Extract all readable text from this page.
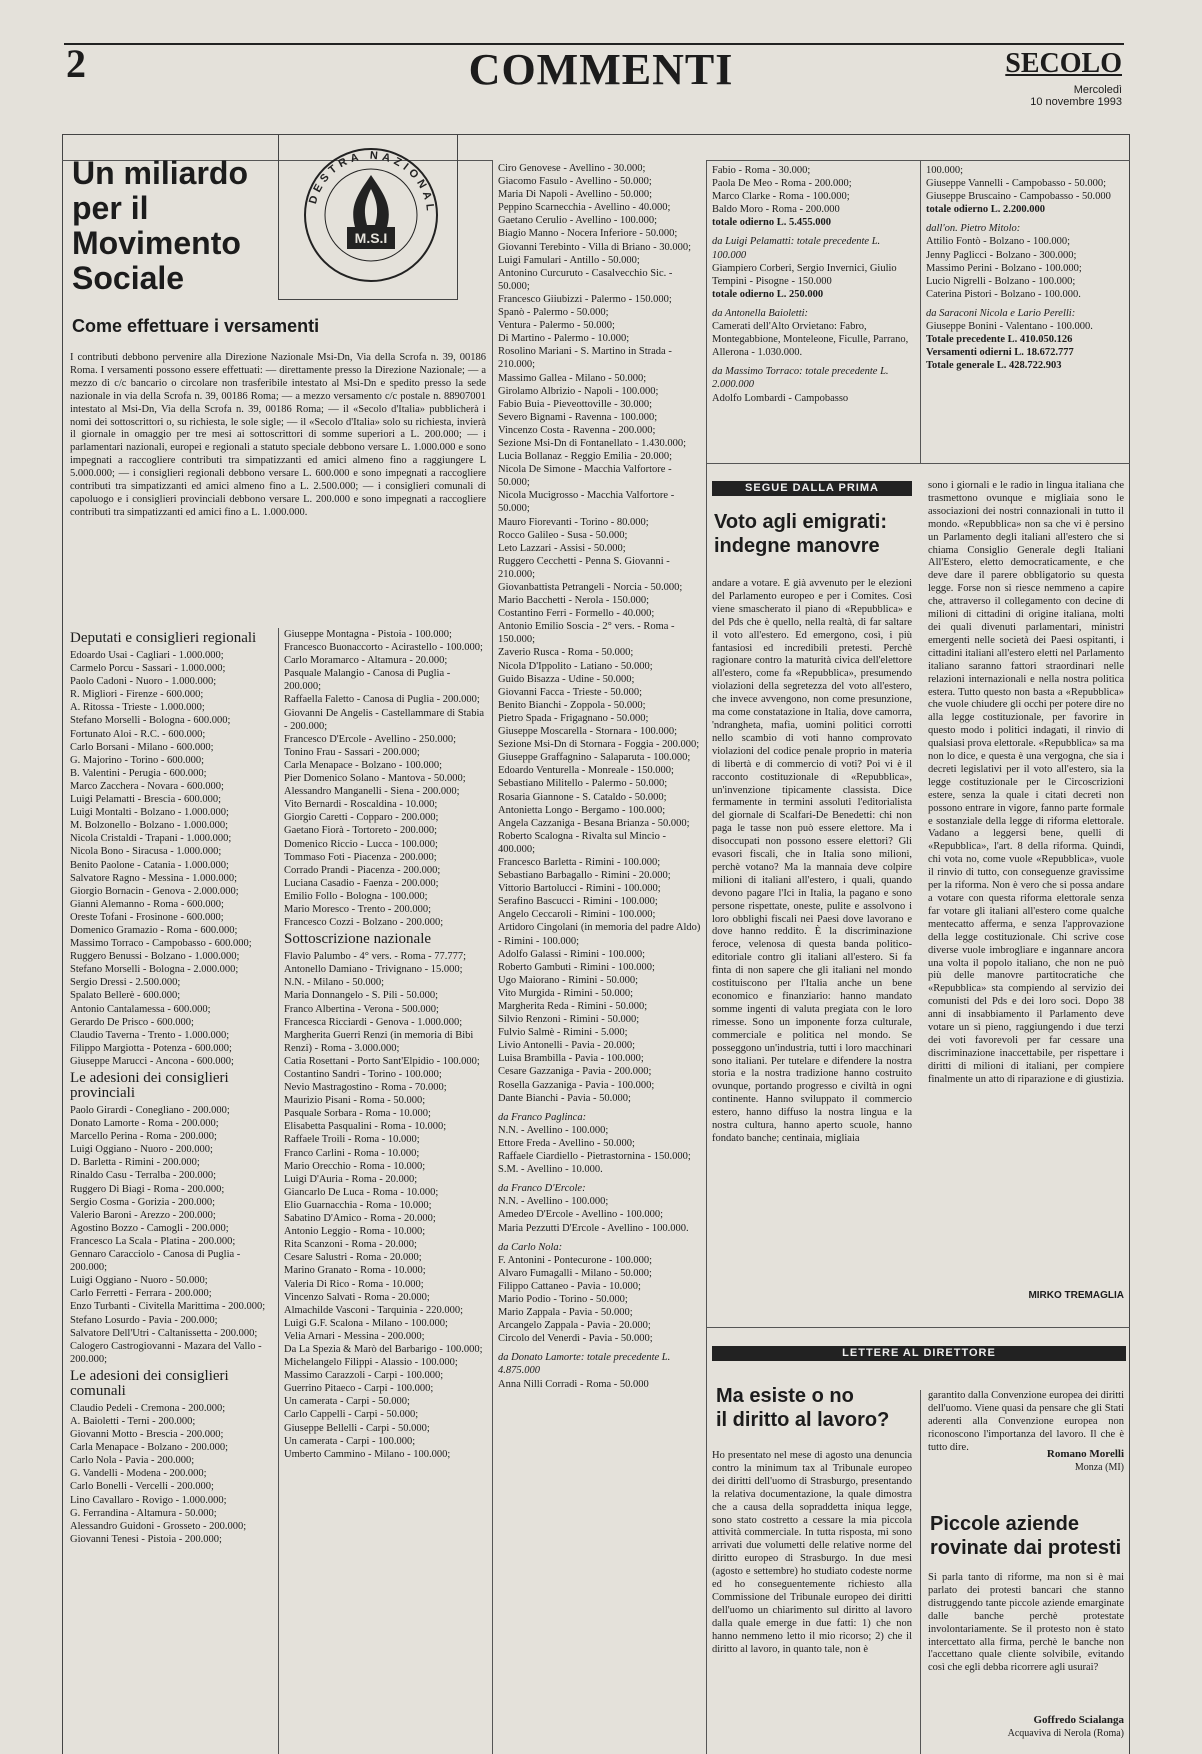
2	COMMENTI	SECOLO
Mercoledì
10 novembre 1993
Un miliardo
per il
Movimento
Sociale
DESTRA NAZIONAL
M.S.I
Come effettuare i versamenti
I contributi debbono pervenire alla Direzione Nazionale Msi-Dn, Via della Scrofa n. 39, 00186 Roma. I versamenti possono essere effettuati: — direttamente presso la Direzione Nazionale; — a mezzo di c/c bancario o circolare non trasferibile intestato al Msi-Dn e spedito presso la sede nazionale in via della Scrofa n. 39, 00186 Roma; — a mezzo versamento c/c postale n. 88907001 intestato al Msi-Dn, Via della Scrofa n. 39, 00186 Roma; — il «Secolo d'Italia» pubblicherà i nomi dei sottoscrittori o, su richiesta, le sole sigle; — il «Secolo d'Italia» solo su richiesta, invierà il giornale in omaggio per tre mesi ai sottoscrittori di somme superiori a L. 200.000; — i parlamentari nazionali, europei e regionali a statuto speciale debbono versare L. 1.000.000 e sono impegnati a raccogliere contributi tra simpatizzanti ed amici almeno fino a raggiungere L 5.000.000; — i consiglieri regionali debbono versare L. 600.000 e sono impegnati a raccogliere contributi tra simpatizzanti ed amici almeno fino a L. 2.500.000; — i consiglieri comunali di capoluogo e i consiglieri provinciali debbono versare L. 200.000 e sono impegnati a raccogliere contributi tra simpatizzanti ed amici fino a L. 1.000.000.
Deputati e consiglieri regionali
Edoardo Usai - Cagliari - 1.000.000;
Carmelo Porcu - Sassari - 1.000.000;
Paolo Cadoni - Nuoro - 1.000.000;
R. Migliori - Firenze - 600.000;
A. Ritossa - Trieste - 1.000.000;
Stefano Morselli - Bologna - 600.000;
Fortunato Aloi - R.C. - 600.000;
Carlo Borsani - Milano - 600.000;
G. Majorino - Torino - 600.000;
B. Valentini - Perugia - 600.000;
Marco Zacchera - Novara - 600.000;
Luigi Pelamatti - Brescia - 600.000;
Luigi Montalti - Bolzano - 1.000.000;
M. Bolzonello - Bolzano - 1.000.000;
Nicola Cristaldi - Trapani - 1.000.000;
Nicola Bono - Siracusa - 1.000.000;
Benito Paolone - Catania - 1.000.000;
Salvatore Ragno - Messina - 1.000.000;
Giorgio Bornacin - Genova - 2.000.000;
Gianni Alemanno - Roma - 600.000;
Oreste Tofani - Frosinone - 600.000;
Domenico Gramazio - Roma - 600.000;
Massimo Torraco - Campobasso - 600.000;
Ruggero Benussi - Bolzano - 1.000.000;
Stefano Morselli - Bologna - 2.000.000;
Sergio Dressi - 2.500.000;
Spalato Bellerè - 600.000;
Antonio Cantalamessa - 600.000;
Gerardo De Prisco - 600.000;
Claudio Taverna - Trento - 1.000.000;
Filippo Margiotta - Potenza - 600.000;
Giuseppe Marucci - Ancona - 600.000;
Le adesioni dei consiglieri provinciali
Paolo Girardi - Conegliano - 200.000;
Donato Lamorte - Roma - 200.000;
Marcello Perina - Roma - 200.000;
Luigi Oggiano - Nuoro - 200.000;
D. Barletta - Rimini - 200.000;
Rinaldo Casu - Terralba - 200.000;
Ruggero Di Biagi - Roma - 200.000;
Sergio Cosma - Gorizia - 200.000;
Valerio Baroni - Arezzo - 200.000;
Agostino Bozzo - Camogli - 200.000;
Francesco La Scala - Platina - 200.000;
Gennaro Caracciolo - Canosa di Puglia - 200.000;
Luigi Oggiano - Nuoro - 50.000;
Carlo Ferretti - Ferrara - 200.000;
Enzo Turbanti - Civitella Marittima - 200.000;
Stefano Losurdo - Pavia - 200.000;
Salvatore Dell'Utri - Caltanissetta - 200.000;
Calogero Castrogiovanni - Mazara del Vallo - 200.000;
Le adesioni dei consiglieri comunali
Claudio Pedeli - Cremona - 200.000;
A. Baioletti - Terni - 200.000;
Giovanni Motto - Brescia - 200.000;
Carla Menapace - Bolzano - 200.000;
Carlo Nola - Pavia - 200.000;
G. Vandelli - Modena - 200.000;
Carlo Bonelli - Vercelli - 200.000;
Lino Cavallaro - Rovigo - 1.000.000;
G. Ferrandina - Altamura - 50.000;
Alessandro Guidoni - Grosseto - 200.000;
Giovanni Tenesi - Pistoia - 200.000;
Giuseppe Montagna - Pistoia - 100.000;
Francesco Buonaccorto - Acirastello - 100.000;
Carlo Moramarco - Altamura - 20.000;
Pasquale Malangio - Canosa di Puglia - 200.000;
Raffaella Faletto - Canosa di Puglia - 200.000;
Giovanni De Angelis - Castellammare di Stabia - 200.000;
Francesco D'Ercole - Avellino - 250.000;
Tonino Frau - Sassari - 200.000;
Carla Menapace - Bolzano - 100.000;
Pier Domenico Solano - Mantova - 50.000;
Alessandro Manganelli - Siena - 200.000;
Vito Bernardi - Roscaldina - 10.000;
Giorgio Caretti - Copparo - 200.000;
Gaetano Fiorà - Tortoreto - 200.000;
Domenico Riccio - Lucca - 100.000;
Tommaso Foti - Piacenza - 200.000;
Corrado Prandi - Piacenza - 200.000;
Luciana Casadio - Faenza - 200.000;
Emilio Follo - Bologna - 100.000;
Mario Moresco - Trento - 200.000;
Francesco Cozzi - Bolzano - 200.000;
Sottoscrizione nazionale
Flavio Palumbo - 4° vers. - Roma - 77.777;
Antonello Damiano - Trivignano - 15.000;
N.N. - Milano - 50.000;
Maria Donnangelo - S. Pili - 50.000;
Franco Albertina - Verona - 500.000;
Francesca Ricciardi - Genova - 1.000.000;
Margherita Guerri Renzi (in memoria di Bibi Renzi) - Roma - 3.000.000;
Catia Rosettani - Porto Sant'Elpidio - 100.000;
Costantino Sandri - Torino - 100.000;
Nevio Mastragostino - Roma - 70.000;
Maurizio Pisani - Roma - 50.000;
Pasquale Sorbara - Roma - 10.000;
Elisabetta Pasqualini - Roma - 10.000;
Raffaele Troili - Roma - 10.000;
Franco Carlini - Roma - 10.000;
Mario Orecchio - Roma - 10.000;
Luigi D'Auria - Roma - 20.000;
Giancarlo De Luca - Roma - 10.000;
Elio Guarnacchia - Roma - 10.000;
Sabatino D'Amico - Roma - 20.000;
Antonio Leggio - Roma - 10.000;
Rita Scanzoni - Roma - 20.000;
Cesare Salustri - Roma - 20.000;
Marino Granato - Roma - 10.000;
Valeria Di Rico - Roma - 10.000;
Vincenzo Salvati - Roma - 20.000;
Almachilde Vasconi - Tarquinia - 220.000;
Luigi G.F. Scalona - Milano - 100.000;
Velia Arnari - Messina - 200.000;
Da La Spezia & Marò del Barbarigo - 100.000;
Michelangelo Filippi - Alassio - 100.000;
Massimo Carazzoli - Carpi - 100.000;
Guerrino Pitaeco - Carpi - 100.000;
Un camerata - Carpi - 50.000;
Carlo Cappelli - Carpi - 50.000;
Giuseppe Bellelli - Carpi - 50.000;
Un camerata - Carpi - 100.000;
Umberto Cammino - Milano - 100.000;
Ciro Genovese - Avellino - 30.000;
Giacomo Fasulo - Avellino - 50.000;
Maria Di Napoli - Avellino - 50.000;
Peppino Scarnecchia - Avellino - 40.000;
Gaetano Cerulio - Avellino - 100.000;
Biagio Manno - Nocera Inferiore - 50.000;
Giovanni Terebinto - Villa di Briano - 30.000;
Luigi Famulari - Antillo - 50.000;
Antonino Curcuruto - Casalvecchio Sic. - 50.000;
Francesco Giiubizzi - Palermo - 150.000;
Spanò - Palermo - 50.000;
Ventura - Palermo - 50.000;
Di Martino - Palermo - 10.000;
Rosolino Mariani - S. Martino in Strada - 210.000;
Massimo Gallea - Milano - 50.000;
Girolamo Albrizio - Napoli - 100.000;
Fabio Buia - Pieveottoville - 30.000;
Severo Bignami - Ravenna - 100.000;
Vincenzo Costa - Ravenna - 200.000;
Sezione Msi-Dn di Fontanellato - 1.430.000;
Lucia Bollanaz - Reggio Emilia - 20.000;
Nicola De Simone - Macchia Valfortore - 50.000;
Nicola Mucigrosso - Macchia Valfortore - 50.000;
Mauro Fiorevanti - Torino - 80.000;
Rocco Galileo - Susa - 50.000;
Leto Lazzari - Assisi - 50.000;
Ruggero Cecchetti - Penna S. Giovanni - 210.000;
Giovanbattista Petrangeli - Norcia - 50.000;
Mario Bacchetti - Nerola - 150.000;
Costantino Ferri - Formello - 40.000;
Antonio Emilio Soscia - 2° vers. - Roma - 150.000;
Zaverio Rusca - Roma - 50.000;
Nicola D'Ippolito - Latiano - 50.000;
Guido Bisazza - Udine - 50.000;
Giovanni Facca - Trieste - 50.000;
Benito Bianchi - Zoppola - 50.000;
Pietro Spada - Frigagnano - 50.000;
Giuseppe Moscarella - Stornara - 100.000;
Sezione Msi-Dn di Stornara - Foggia - 200.000;
Giuseppe Graffagnino - Salaparuta - 100.000;
Edoardo Venturella - Monreale - 150.000;
Sebastiano Militello - Palermo - 50.000;
Rosaria Giannone - S. Cataldo - 50.000;
Antonietta Longo - Bergamo - 100.000;
Angela Cazzaniga - Besana Brianza - 50.000;
Roberto Scalogna - Rivalta sul Mincio - 400.000;
Francesco Barletta - Rimini - 100.000;
Sebastiano Barbagallo - Rimini - 20.000;
Vittorio Bartolucci - Rimini - 100.000;
Serafino Bascucci - Rimini - 100.000;
Angelo Ceccaroli - Rimini - 100.000;
Artidoro Cingolani (in memoria del padre Aldo) - Rimini - 100.000;
Adolfo Galassi - Rimini - 100.000;
Roberto Gambuti - Rimini - 100.000;
Ugo Maiorano - Rimini - 50.000;
Vito Murgida - Rimini - 50.000;
Margherita Reda - Rimini - 50.000;
Silvio Renzoni - Rimini - 50.000;
Fulvio Salmè - Rimini - 5.000;
Livio Antonelli - Pavia - 20.000;
Luisa Brambilla - Pavia - 100.000;
Cesare Gazzaniga - Pavia - 200.000;
Rosella Gazzaniga - Pavia - 100.000;
Dante Bianchi - Pavia - 50.000;
da Franco Paglinca:
N.N. - Avellino - 100.000;
Ettore Freda - Avellino - 50.000;
Raffaele Ciardiello - Pietrastornina - 150.000;
S.M. - Avellino - 10.000.
da Franco D'Ercole:
N.N. - Avellino - 100.000;
Amedeo D'Ercole - Avellino - 100.000;
Maria Pezzutti D'Ercole - Avellino - 100.000.
da Carlo Nola:
F. Antonini - Pontecurone - 100.000;
Alvaro Fumagalli - Milano - 50.000;
Filippo Cattaneo - Pavia - 10.000;
Mario Podio - Torino - 50.000;
Mario Zappala - Pavia - 50.000;
Arcangelo Zappala - Pavia - 20.000;
Circolo del Venerdì - Pavia - 50.000;
da Donato Lamorte: totale precedente L. 4.875.000
Anna Nilli Corradi - Roma - 50.000
Fabio - Roma - 30.000;
Paola De Meo - Roma - 200.000;
Marco Clarke - Roma - 100.000;
Baldo Moro - Roma - 200.000
totale odierno L. 5.455.000
da Luigi Pelamatti: totale precedente L. 100.000
Giampiero Corberi, Sergio Invernici, Giulio Tempini - Pisogne - 150.000
totale odierno L. 250.000
da Antonella Baioletti:
Camerati dell'Alto Orvietano: Fabro, Montegabbione, Monteleone, Ficulle, Parrano, Allerona - 1.030.000.
da Massimo Torraco: totale precedente L. 2.000.000
Adolfo Lombardi - Campobasso
100.000;
Giuseppe Vannelli - Campobasso - 50.000;
Giuseppe Bruscaino - Campobasso - 50.000
totale odierno L. 2.200.000
dall'on. Pietro Mitolo:
Attilio Fontò - Bolzano - 100.000;
Jenny Paglicci - Bolzano - 300.000;
Massimo Perini - Bolzano - 100.000;
Lucio Nigrelli - Bolzano - 100.000;
Caterina Pistori - Bolzano - 100.000.
da Saraconi Nicola e Lario Perelli:
Giuseppe Bonini - Valentano - 100.000.
Totale precedente L. 410.050.126
Versamenti odierni L. 18.672.777
Totale generale L. 428.722.903
SEGUE DALLA PRIMA
Voto agli emigrati:
indegne manovre
andare a votare. È già avvenuto per le elezioni del Parlamento europeo e per i Comites. Così viene smascherato il piano di «Repubblica» e del Pds che è quello, nella realtà, di far saltare il voto all'estero. Ed emergono, così, i più fantasiosi ed incredibili pretesti. Perchè ragionare contro la maturità civica dell'elettore all'estero, come fa «Repubblica», presumendo violazioni della segretezza del voto all'estero, che invece avvengono, non come presunzione, ma come constatazione in Italia, dove camorra, 'ndrangheta, mafia, uomini politici corrotti nello scambio di voti hanno comprovato violazioni del codice penale proprio in materia di libertà e di commercio di voti? Poi vi è il racconto costituzionale di «Repubblica», un'invenzione tipicamente classista. Dice fermamente in termini assoluti l'editorialista del giornale di Scalfari-De Benedetti: chi non paga le tasse non può essere elettore. Ma i disoccupati non possono essere elettori? Gli evasori fiscali, che in Italia sono milioni, perchè votano? Ma la mannaia deve colpire milioni di italiani all'estero, i quali, quando devono pagare l'Ici in Italia, la pagano e sono persone rispettate, oneste, pulite e assolvono i loro obblighi fiscali nei Paesi dove lavorano e dove hanno reddito. È la discriminazione feroce, velenosa di questa banda politico-editoriale contro gli italiani all'estero. Si fa finta di non sapere che gli italiani nel mondo costituiscono per l'Italia anche un bene economico e finanziario: hanno mandato somme ingenti di valuta pregiata con le loro rimesse. Sono un imponente forza culturale, commerciale e politica nel mondo. Se posseggono un'industria, tutti i loro macchinari sono italiani. Per tutelare e difendere la nostra storia e la nostra tradizione hanno costruito ovunque, portando progresso e civiltà in ogni continente. Hanno sviluppato il commercio estero, hanno diffuso la nostra lingua e la nostra cultura, hanno aperto scuole, hanno fondato banche; centinaia, migliaia
sono i giornali e le radio in lingua italiana che trasmettono ovunque e migliaia sono le associazioni dei nostri connazionali in tutto il mondo. «Repubblica» non sa che vi è persino un Parlamento degli italiani all'estero che si chiama Consiglio Generale degli Italiani All'Estero, eletto democraticamente, e che deve dare il parere obbligatorio su questa legge. Forse non si riesce nemmeno a capire che, attraverso il collegamento con decine di milioni di cittadini di origine italiana, molti dei quali divenuti parlamentari, ministri emergenti nelle società dei Paesi ospitanti, i cittadini italiani all'estero eletti nel Parlamento italiano saranno fattori straordinari nelle relazioni internazionali e nella nostra politica estera. Tutto questo non basta a «Repubblica» che vuole chiudere gli occhi per potere dire no alla legge costituzionale, per favorire in questo modo i politici indagati, il rinvio di qualsiasi prova elettorale. «Repubblica» sa ma non lo dice, e questa è una vergogna, che sia i decreti legislativi per il voto all'estero, sia la legge costituzionale per le Circoscrizioni estere, senza la quale i citati decreti non possono entrare in vigore, fanno parte formale e sostanziale della legge di riforma elettorale. Vadano a leggersi bene, quelli di «Repubblica», l'art. 8 della riforma. Quindi, chi vota no, come vuole «Repubblica», vuole il rinvio di tutto, con conseguenze gravissime per la riforma. Non è vero che si possa andare a votare con questa riforma elettorale senza far votare gli italiani all'estero come qualche mentecatto afferma, e senza l'approvazione della legge costituzionale. Chi scrive cose diverse vuole imbrogliare e ingannare ancora una volta il popolo italiano, che non ne può più delle manovre partitocratiche che «Repubblica» sta compiendo al servizio dei comunisti del Pds e dei loro soci. Dopo 38 anni di insabbiamento il Parlamento deve votare un sì pieno, raggiungendo i due terzi dei voti favorevoli per far cessare una discriminazione inaccettabile, per rispettare i diritti di milioni di italiani, per compiere finalmente un atto di riparazione e di giustizia.
MIRKO TREMAGLIA
LETTERE AL DIRETTORE
Ma esiste o no
il diritto al lavoro?
Ho presentato nel mese di agosto una denuncia contro la minimum tax al Tribunale europeo dei diritti dell'uomo di Strasburgo, presentando la relativa documentazione, la quale dimostra che a causa della sopraddetta iniqua legge, sono stato costretto a cessare la mia piccola attività commerciale. In tutta risposta, mi sono arrivati due volumetti delle relative norme del diritto europeo di Strasburgo. In due mesi (agosto e settembre) ho studiato codeste norme ed ho conseguentemente richiesto alla Commissione del Tribunale europeo dei diritti dell'uomo un chiarimento sul diritto al lavoro dalla quale emerge in due fatti: 1) che non hanno nemmeno letto il mio ricorso; 2) che il diritto al lavoro, in quanto tale, non è
garantito dalla Convenzione europea dei diritti dell'uomo. Viene quasi da pensare che gli Stati aderenti alla Convenzione europea non riconoscono l'importanza del lavoro. Il che è tutto dire.
Romano Morelli
Monza (MI)
Piccole aziende
rovinate dai protesti
Si parla tanto di riforme, ma non si è mai parlato dei protesti bancari che stanno distruggendo tante piccole aziende emarginate dalle banche perchè protestate involontariamente. Se il protesto non è stato intercettato alla firma, perchè le banche non l'accettano quale cliente solvibile, evitando così che egli debba ricorrere agli usurai?
Goffredo Scialanga
Acquaviva di Nerola (Roma)
